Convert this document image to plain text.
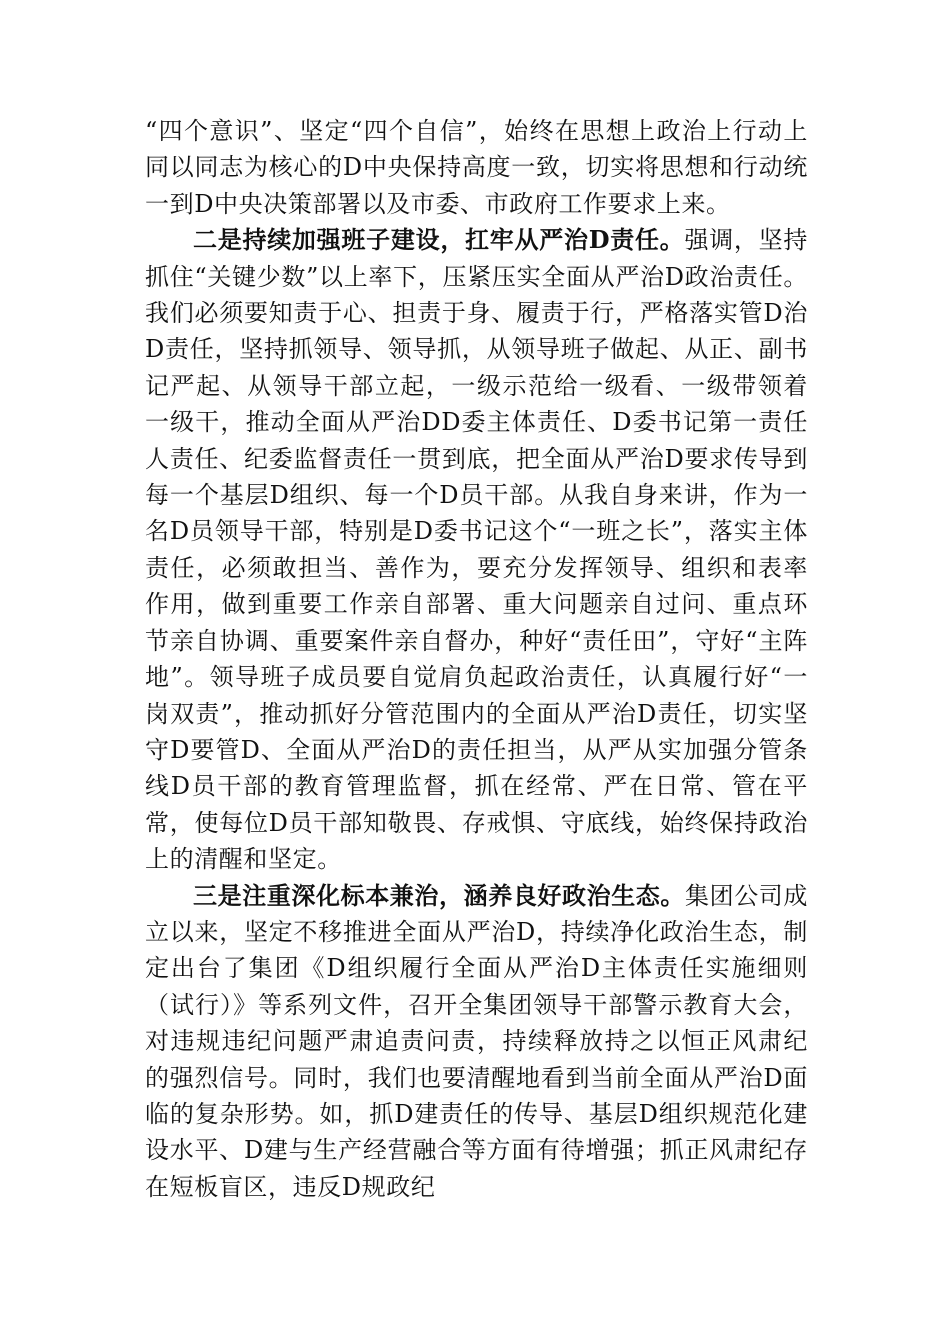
“四个意识”、坚定“四个自信”，始终在思想上政治上行动上同以同志为核心的D中央保持高度一致，切实将思想和行动统一到D中央决策部署以及市委、市政府工作要求上来。

二是持续加强班子建设，扛牢从严治D责任。强调，坚持抓住“关键少数”以上率下，压紧压实全面从严治D政治责任。我们必须要知责于心、担责于身、履责于行，严格落实管D治D责任，坚持抓领导、领导抓，从领导班子做起、从正、副书记严起、从领导干部立起，一级示范给一级看、一级带领着一级干，推动全面从严治DD委主体责任、D委书记第一责任人责任、纪委监督责任一贯到底，把全面从严治D要求传导到每一个基层D组织、每一个D员干部。从我自身来讲，作为一名D员领导干部，特别是D委书记这个“一班之长”，落实主体责任，必须敢担当、善作为，要充分发挥领导、组织和表率作用，做到重要工作亲自部署、重大问题亲自过问、重点环节亲自协调、重要案件亲自督办，种好“责任田”，守好“主阵地”。领导班子成员要自觉肩负起政治责任，认真履行好“一岗双责”，推动抓好分管范围内的全面从严治D责任，切实坚守D要管D、全面从严治D的责任担当，从严从实加强分管条线D员干部的教育管理监督，抓在经常、严在日常、管在平常，使每位D员干部知敬畏、存戒惧、守底线，始终保持政治上的清醒和坚定。

三是注重深化标本兼治，涵养良好政治生态。集团公司成立以来，坚定不移推进全面从严治D，持续净化政治生态，制定出台了集团《D组织履行全面从严治D主体责任实施细则（试行）》等系列文件，召开全集团领导干部警示教育大会，对违规违纪问题严肃追责问责，持续释放持之以恒正风肃纪的强烈信号。同时，我们也要清醒地看到当前全面从严治D面临的复杂形势。如，抓D建责任的传导、基层D组织规范化建设水平、D建与生产经营融合等方面有待增强；抓正风肃纪存在短板盲区，违反D规政纪
